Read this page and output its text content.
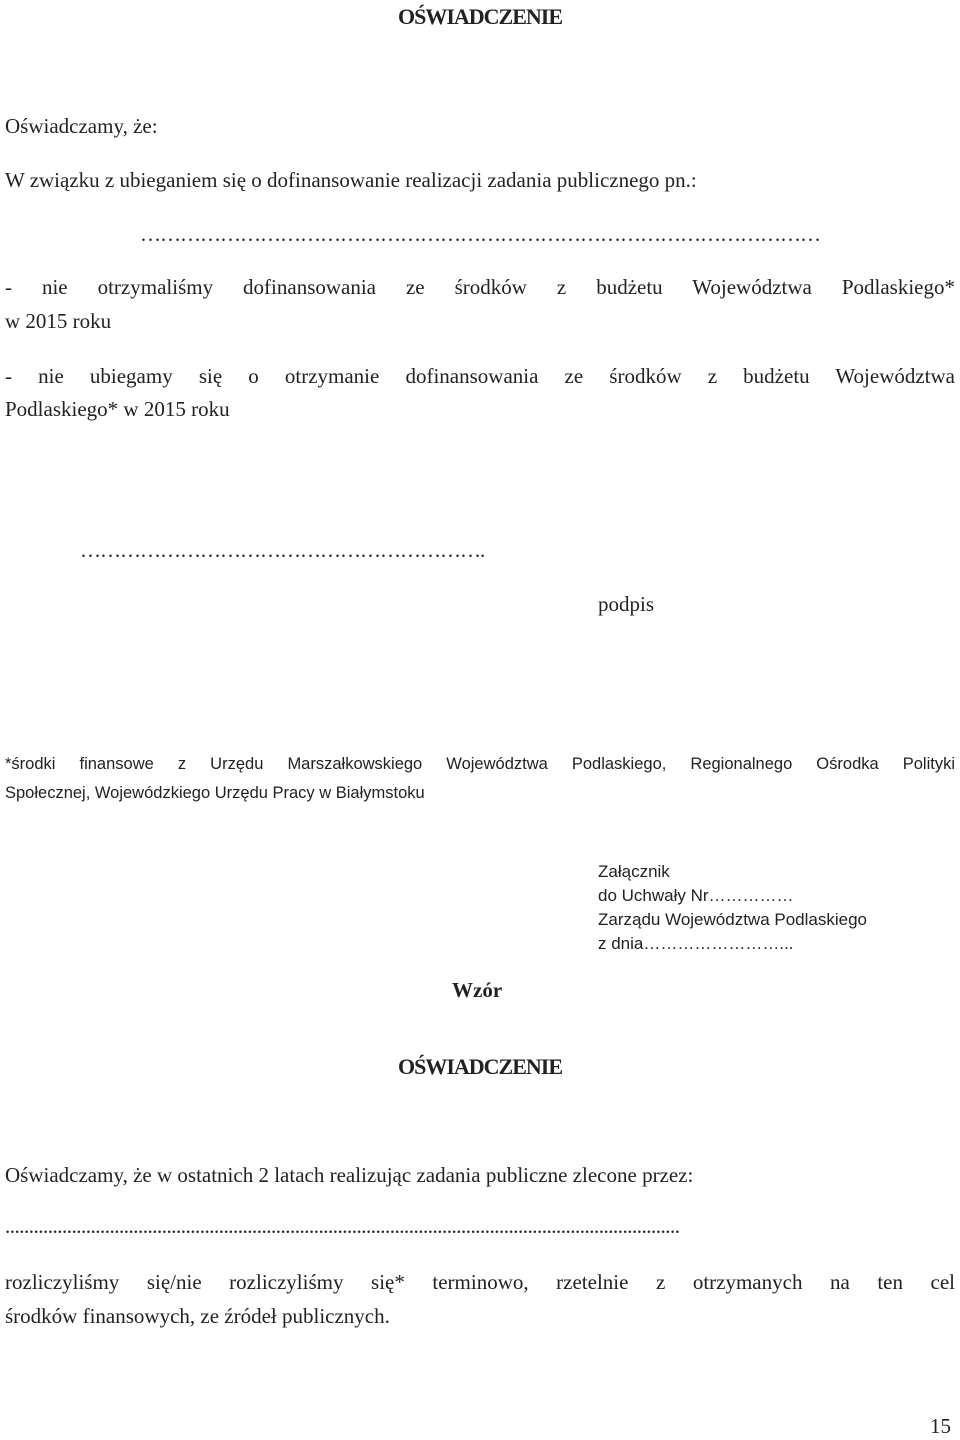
OŚWIADCZENIE
Oświadczamy, że:
W związku z ubieganiem się o dofinansowanie realizacji zadania publicznego pn.:
…………………………………………………………………………………………
- nie otrzymaliśmy dofinansowania ze środków z budżetu Województwa Podlaskiego*
w 2015 roku
- nie ubiegamy się o otrzymanie dofinansowania ze środków z budżetu Województwa
Podlaskiego* w 2015 roku
…………………………………………………….
podpis
*środki finansowe z Urzędu Marszałkowskiego Województwa Podlaskiego, Regionalnego Ośrodka Polityki
Społecznej, Wojewódzkiego Urzędu Pracy w Białymstoku
Załącznik
do Uchwały Nr……………
Zarządu Województwa Podlaskiego
z dnia……………………...
Wzór
OŚWIADCZENIE
Oświadczamy, że w ostatnich 2 latach realizując zadania publiczne zlecone przez:
..............................................................................................................................................
rozliczyliśmy się/nie rozliczyliśmy się* terminowo, rzetelnie z otrzymanych na ten cel
środków finansowych, ze źródeł publicznych.
15
